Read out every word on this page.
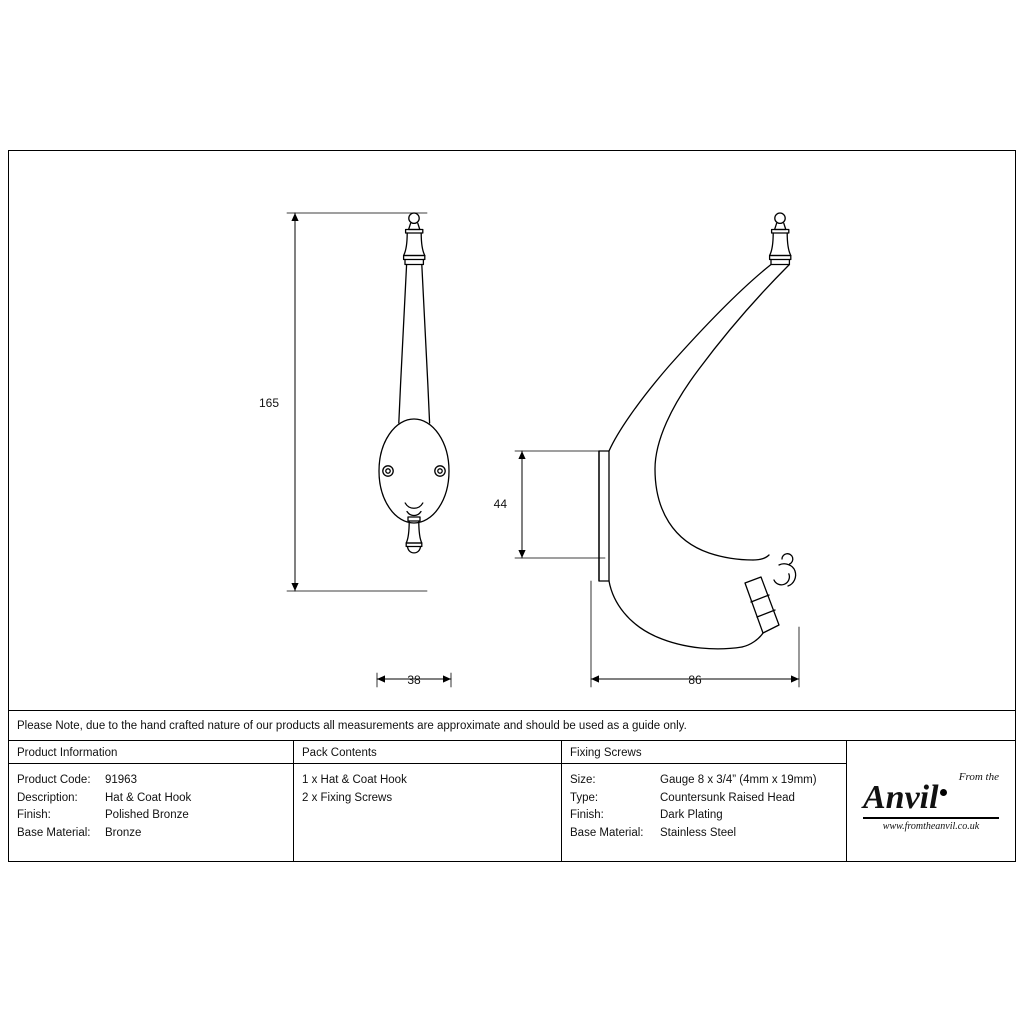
165
44
38	86
Please Note, due to the hand crafted nature of our products all measurements are approximate and should be used as a guide only.
Product Information
Product Code:	91963
Description:	Hat & Coat Hook
Finish:	Polished Bronze
Base Material:	Bronze
Pack Contents
1 x Hat & Coat Hook
2 x Fixing Screws
Fixing Screws
Size:	Gauge 8 x 3/4” (4mm x 19mm)
Type:	Countersunk Raised Head
Finish:	Dark Plating
Base Material:	Stainless Steel
From the
Anvil
www.fromtheanvil.co.uk
